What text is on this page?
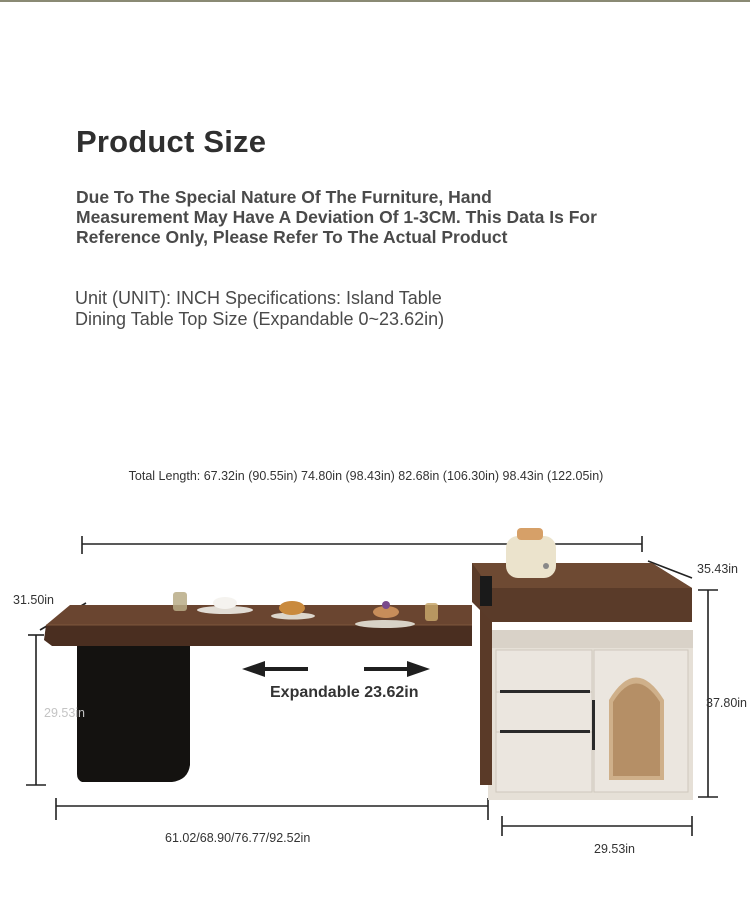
Product Size
Due To The Special Nature Of The Furniture, Hand
Measurement May Have A Deviation Of 1-3CM. This Data Is For
Reference Only, Please Refer To The Actual Product
Unit (UNIT): INCH Specifications: Island Table
Dining Table Top Size (Expandable 0~23.62in)
Total Length: 67.32in (90.55in) 74.80in (98.43in) 82.68in (106.30in) 98.43in (122.05in)
31.50in
29.53in
61.02/68.90/76.77/92.52in
Expandable 23.62in
35.43in
37.80in
29.53in
